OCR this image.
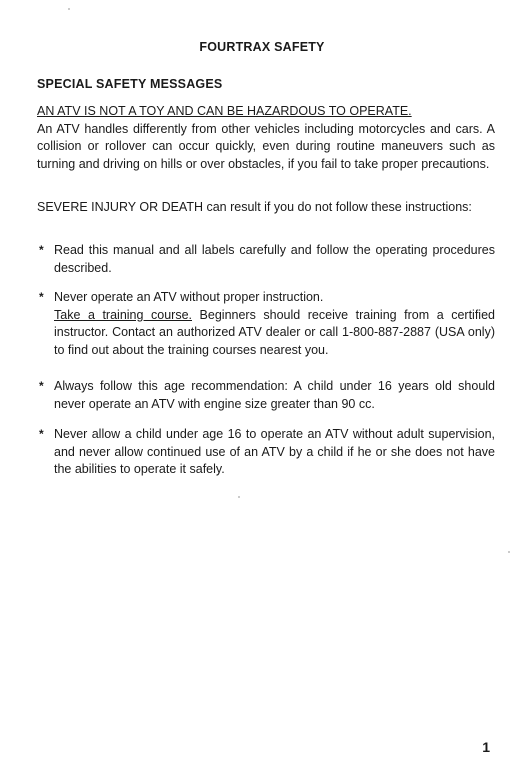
FOURTRAX SAFETY
SPECIAL SAFETY MESSAGES
AN ATV IS NOT A TOY AND CAN BE HAZARDOUS TO OPERATE.
An ATV handles differently from other vehicles including motorcycles and cars. A collision or rollover can occur quickly, even during routine maneuvers such as turning and driving on hills or over obstacles, if you fail to take proper precautions.
SEVERE INJURY OR DEATH can result if you do not follow these instructions:
* Read this manual and all labels carefully and follow the operating procedures described.
* Never operate an ATV without proper instruction.
Take a training course. Beginners should receive training from a certified instructor. Contact an authorized ATV dealer or call 1-800-887-2887 (USA only) to find out about the training courses nearest you.
* Always follow this age recommendation: A child under 16 years old should never operate an ATV with engine size greater than 90 cc.
* Never allow a child under age 16 to operate an ATV without adult supervision, and never allow continued use of an ATV by a child if he or she does not have the abilities to operate it safely.
1
